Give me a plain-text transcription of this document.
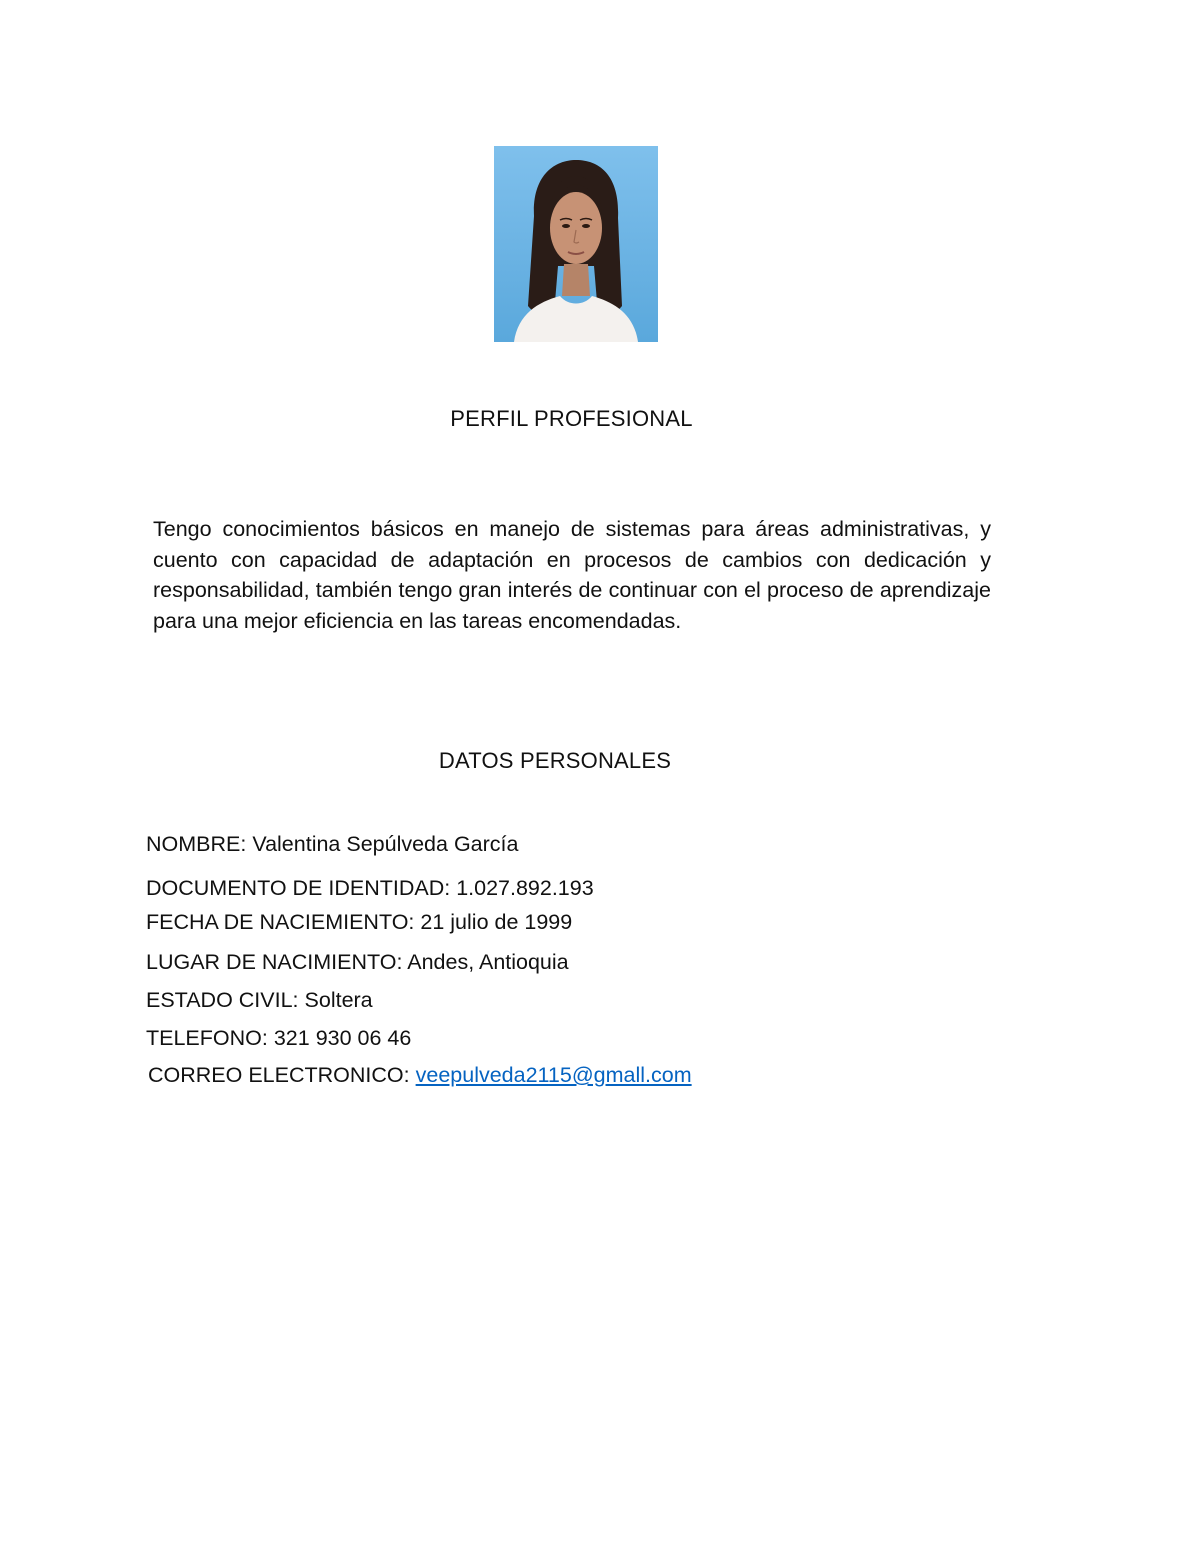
PERFIL PROFESIONAL
Tengo conocimientos básicos en manejo de sistemas para áreas administrativas, y cuento con capacidad de adaptación en procesos de cambios con dedicación y responsabilidad, también tengo gran interés de continuar con el proceso de aprendizaje para una mejor eficiencia en las tareas encomendadas.
DATOS PERSONALES
NOMBRE: Valentina Sepúlveda García
DOCUMENTO DE IDENTIDAD: 1.027.892.193
FECHA DE NACIEMIENTO: 21 julio de 1999
LUGAR DE NACIMIENTO: Andes, Antioquia
ESTADO CIVIL: Soltera
TELEFONO: 321 930 06 46
CORREO ELECTRONICO: veepulveda2115@gmall.com
